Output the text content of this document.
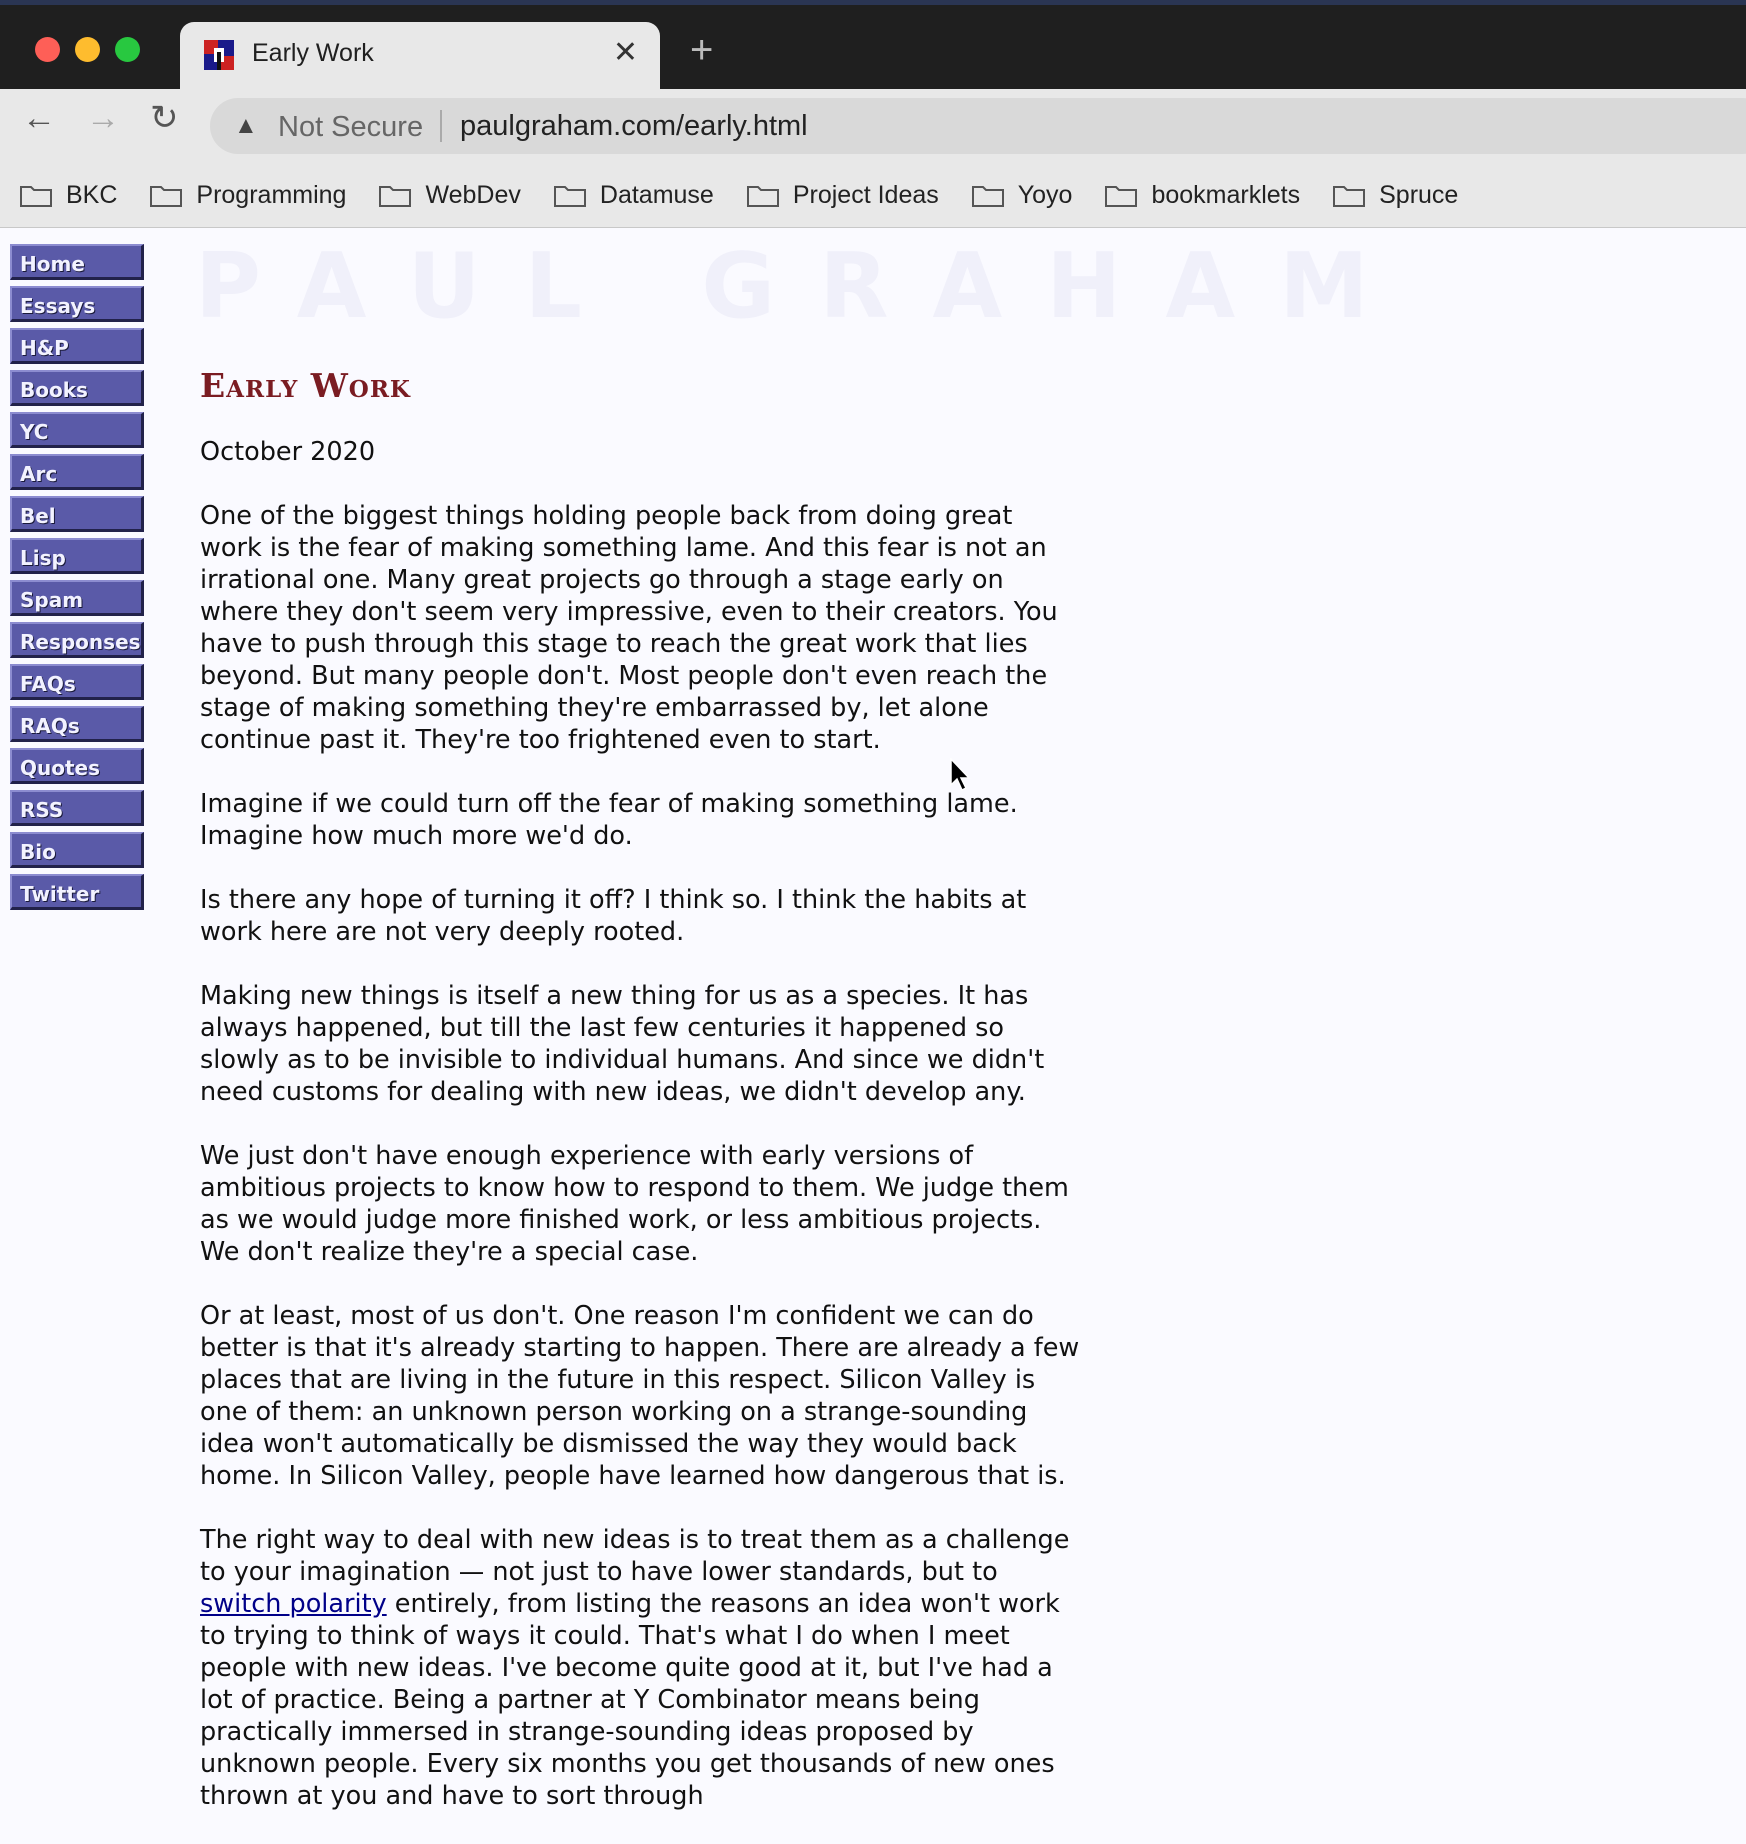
Early Work	✕ +
← → ↻ ▲ Not Secure paulgraham.com/early.html
BKC	Programming	WebDev	Datamuse	Project Ideas	Yoyo	bookmarklets	Spruce
PAUL GRAHAM
Home
Essays
H&P
Books
YC
Arc
Bel
Lisp
Spam
Responses
FAQs
RAQs
Quotes
RSS
Bio
Twitter
Early Work

October 2020

One of the biggest things holding people back from doing great work is the fear of making something lame. And this fear is not an irrational one. Many great projects go through a stage early on where they don't seem very impressive, even to their creators. You have to push through this stage to reach the great work that lies beyond. But many people don't. Most people don't even reach the stage of making something they're embarrassed by, let alone continue past it. They're too frightened even to start.

Imagine if we could turn off the fear of making something lame. Imagine how much more we'd do.

Is there any hope of turning it off? I think so. I think the habits at work here are not very deeply rooted.

Making new things is itself a new thing for us as a species. It has always happened, but till the last few centuries it happened so slowly as to be invisible to individual humans. And since we didn't need customs for dealing with new ideas, we didn't develop any.

We just don't have enough experience with early versions of ambitious projects to know how to respond to them. We judge them as we would judge more finished work, or less ambitious projects. We don't realize they're a special case.

Or at least, most of us don't. One reason I'm confident we can do better is that it's already starting to happen. There are already a few places that are living in the future in this respect. Silicon Valley is one of them: an unknown person working on a strange-sounding idea won't automatically be dismissed the way they would back home. In Silicon Valley, people have learned how dangerous that is.

The right way to deal with new ideas is to treat them as a challenge to your imagination — not just to have lower standards, but to switch polarity entirely, from listing the reasons an idea won't work to trying to think of ways it could. That's what I do when I meet people with new ideas. I've become quite good at it, but I've had a lot of practice. Being a partner at Y Combinator means being practically immersed in strange-sounding ideas proposed by unknown people. Every six months you get thousands of new ones thrown at you and have to sort through
